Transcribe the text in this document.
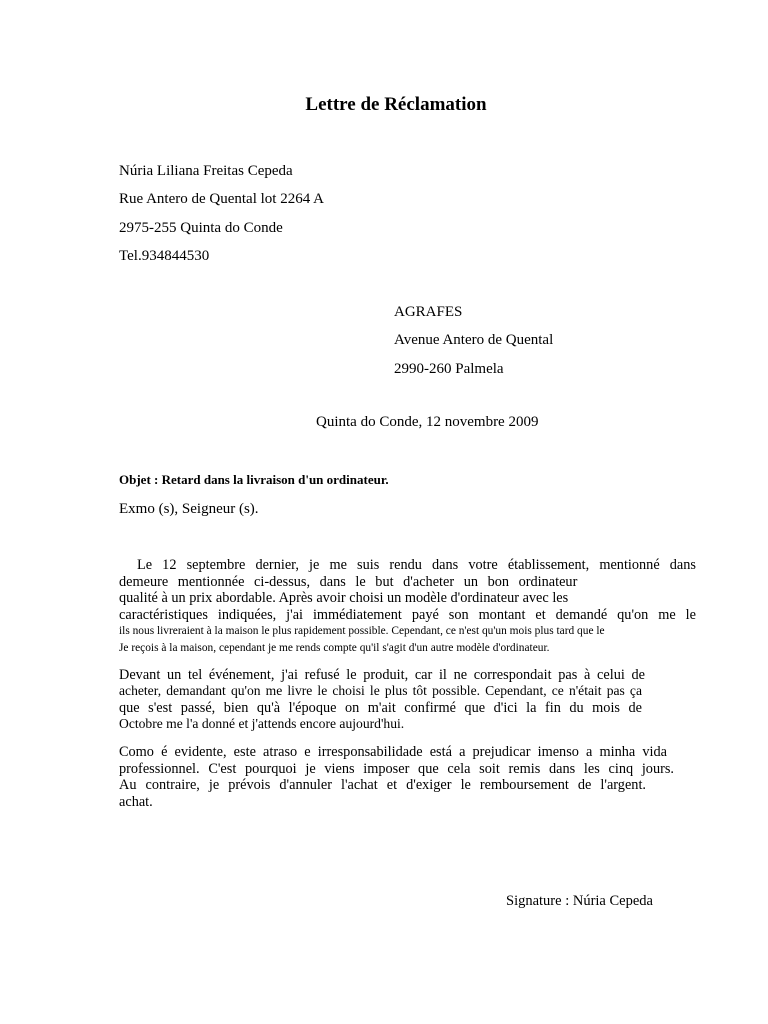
Lettre de Réclamation
Núria Liliana Freitas Cepeda
Rue Antero de Quental lot 2264 A
2975-255 Quinta do Conde
Tel.934844530
AGRAFES
Avenue Antero de Quental
2990-260 Palmela
Quinta do Conde, 12 novembre 2009
Objet : Retard dans la livraison d'un ordinateur.
Exmo (s), Seigneur (s).
Le 12 septembre dernier, je me suis rendu dans votre établissement, mentionné dans
demeure mentionnée ci-dessus, dans le but d'acheter un bon ordinateur
qualité à un prix abordable. Après avoir choisi un modèle d'ordinateur avec les
caractéristiques indiquées, j'ai immédiatement payé son montant et demandé qu'on me le
ils nous livreraient à la maison le plus rapidement possible. Cependant, ce n'est qu'un mois plus tard que le
Je reçois à la maison, cependant je me rends compte qu'il s'agit d'un autre modèle d'ordinateur.
Devant un tel événement, j'ai refusé le produit, car il ne correspondait pas à celui de
acheter, demandant qu'on me livre le choisi le plus tôt possible. Cependant, ce n'était pas ça
que s'est passé, bien qu'à l'époque on m'ait confirmé que d'ici la fin du mois de
Octobre me l'a donné et j'attends encore aujourd'hui.
Como é evidente, este atraso e irresponsabilidade está a prejudicar imenso a minha vida
professionnel. C'est pourquoi je viens imposer que cela soit remis dans les cinq jours.
Au contraire, je prévois d'annuler l'achat et d'exiger le remboursement de l'argent.
achat.
Signature : Núria Cepeda
